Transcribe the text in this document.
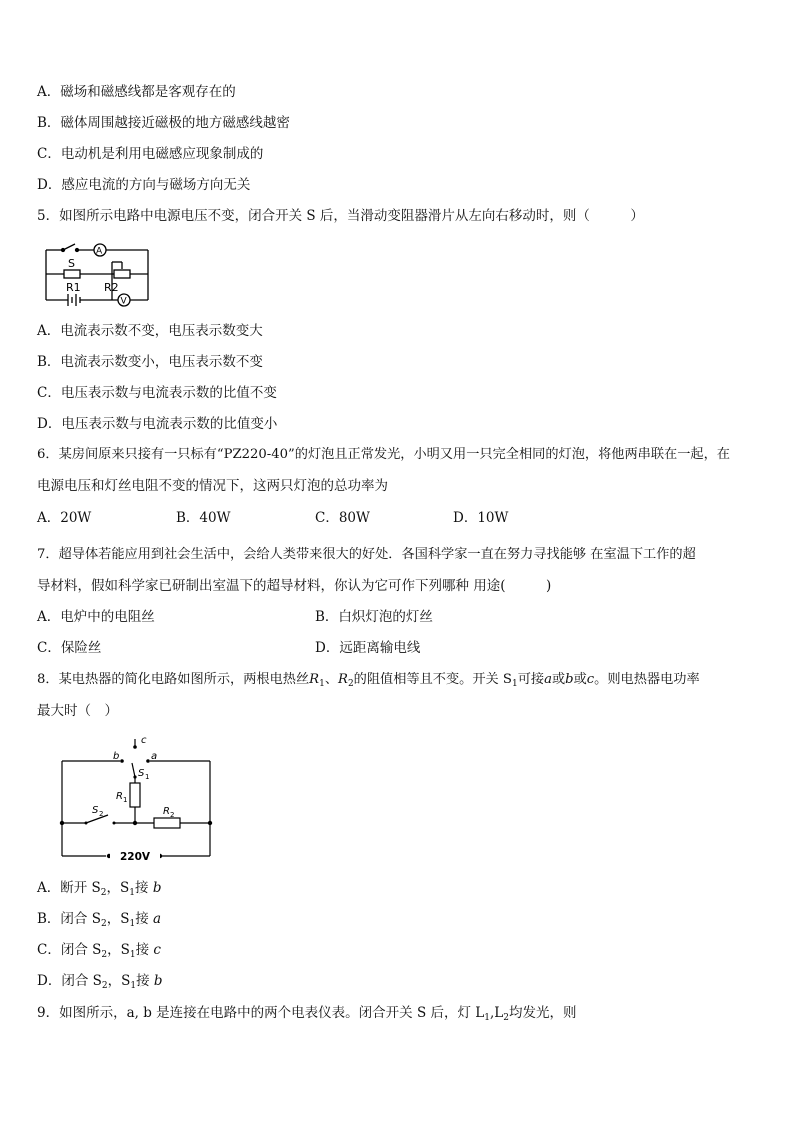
A．磁场和磁感线都是客观存在的
B．磁体周围越接近磁极的地方磁感线越密
C．电动机是利用电磁感应现象制成的
D．感应电流的方向与磁场方向无关
5．如图所示电路中电源电压不变，闭合开关 S 后，当滑动变阻器滑片从左向右移动时，则（　　　）
A
V
S
R1 R2
A．电流表示数不变，电压表示数变大
B．电流表示数变小，电压表示数不变
C．电压表示数与电流表示数的比值不变
D．电压表示数与电流表示数的比值变小
6．某房间原来只接有一只标有“PZ220-40”的灯泡且正常发光，小明又用一只完全相同的灯泡，将他两串联在一起，在
电源电压和灯丝电阻不变的情况下，这两只灯泡的总功率为
A．20W	B．40W	C．80W	D．10W
7．超导体若能应用到社会生活中，会给人类带来很大的好处．各国科学家一直在努力寻找能够 在室温下工作的超
导材料，假如科学家已研制出室温下的超导材料，你认为它可作下列哪种 用途(　　　)
A．电炉中的电阻丝	B．白炽灯泡的灯丝
C．保险丝	D．远距离输电线
8．某电热器的简化电路如图所示，两根电热丝$R_1$、$R_2$的阻值相等且不变。开关 $S_1$可接a或b或c。则电热器电功率
最大时（　）
220V
c
b	a
S 1
S 2
R 1
R 2
A．断开 $S_2$，$S_1$接 b
B．闭合 $S_2$，$S_1$接 a
C．闭合 $S_2$，$S_1$接 c
D．闭合 $S_2$，$S_1$接 b
9．如图所示，a, b 是连接在电路中的两个电表仪表。闭合开关 S 后，灯 $L_1,L_2$均发光，则
